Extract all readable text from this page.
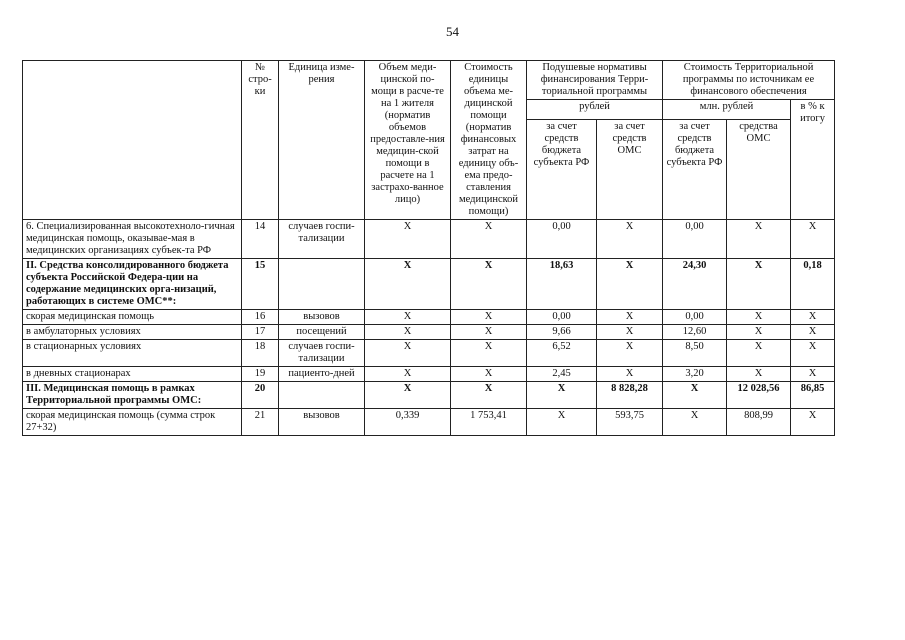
54
	№ стро-ки	Единица изме-рения	Объем меди-цинской по-мощи в расче-те на 1 жителя (норматив объемов предоставле-ния медицин-ской помощи в расчете на 1 застрахо-ванное лицо)	Стоимость единицы объема ме-дицинской помощи (норматив финансовых затрат на единицу объ-ема предо-ставления медицинской помощи)	Подушевые нормативы финансирования Терри-ториальной программы		Стоимость Территориальной программы по источникам ее финансового обеспечения		
					рублей		млн. рублей		в % к итогу
					за счет средств бюджета субъекта РФ	за счет средств ОМС	за счет средств бюджета субъекта РФ	средства ОМС	
6. Специализированная высокотехноло-гичная медицинская помощь, оказывае-мая в медицинских организациях субъек-та РФ	14	случаев госпи-тализации	X	X	0,00	X	0,00	X	X
II. Средства консолидированного бюджета субъекта Российской Федера-ции на содержание медицинских орга-низаций, работающих в системе ОМС**:	15		X	X	18,63	X	24,30	X	0,18
скорая медицинская помощь	16	вызовов	X	X	0,00	X	0,00	X	X
в амбулаторных условиях	17	посещений	X	X	9,66	X	12,60	X	X
в стационарных условиях	18	случаев госпи-тализации	X	X	6,52	X	8,50	X	X
в дневных стационарах	19	пациенто-дней	X	X	2,45	X	3,20	X	X
III. Медицинская помощь в рамках Территориальной программы ОМС:	20		X	X	X	8 828,28	X	12 028,56	86,85
скорая медицинская помощь (сумма строк 27+32)	21	вызовов	0,339	1 753,41	X	593,75	X	808,99	X
